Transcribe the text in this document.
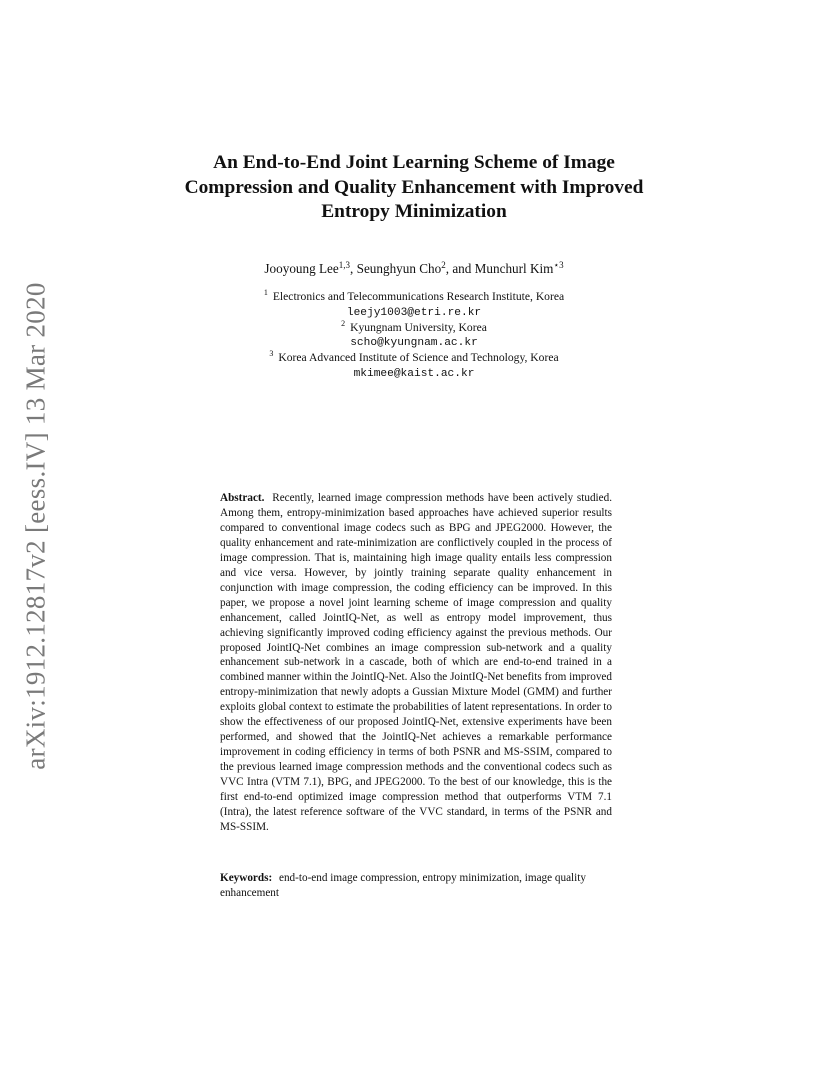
arXiv:1912.12817v2 [eess.IV] 13 Mar 2020
An End-to-End Joint Learning Scheme of Image
Compression and Quality Enhancement with Improved
Entropy Minimization
Jooyoung Lee$^{1,3}$, Seunghyun Cho$^2$, and Munchurl Kim$^{⋆3}$
$^1$ Electronics and Telecommunications Research Institute, Korea
leejy1003@etri.re.kr
$^2$ Kyungnam University, Korea
scho@kyungnam.ac.kr
$^3$ Korea Advanced Institute of Science and Technology, Korea
mkimee@kaist.ac.kr
Abstract. Recently, learned image compression methods have been actively studied. Among them, entropy-minimization based approaches have achieved superior results compared to conventional image codecs such as BPG and JPEG2000. However, the quality enhancement and rate-minimization are conflictively coupled in the process of image compression. That is, maintaining high image quality entails less compression and vice versa. However, by jointly training separate quality enhancement in conjunction with image compression, the coding efficiency can be improved. In this paper, we propose a novel joint learning scheme of image compression and quality enhancement, called JointIQ-Net, as well as entropy model improvement, thus achieving significantly improved coding efficiency against the previous methods. Our proposed JointIQ-Net combines an image compression sub-network and a quality enhancement sub-network in a cascade, both of which are end-to-end trained in a combined manner within the JointIQ-Net. Also the JointIQ-Net benefits from improved entropy-minimization that newly adopts a Gussian Mixture Model (GMM) and further exploits global context to estimate the probabilities of latent representations. In order to show the effectiveness of our proposed JointIQ-Net, extensive experiments have been performed, and showed that the JointIQ-Net achieves a remarkable performance improvement in coding efficiency in terms of both PSNR and MS-SSIM, compared to the previous learned image compression methods and the conventional codecs such as VVC Intra (VTM 7.1), BPG, and JPEG2000. To the best of our knowledge, this is the first end-to-end optimized image compression method that outperforms VTM 7.1 (Intra), the latest reference software of the VVC standard, in terms of the PSNR and MS-SSIM.
Keywords: end-to-end image compression, entropy minimization, image quality enhancement
